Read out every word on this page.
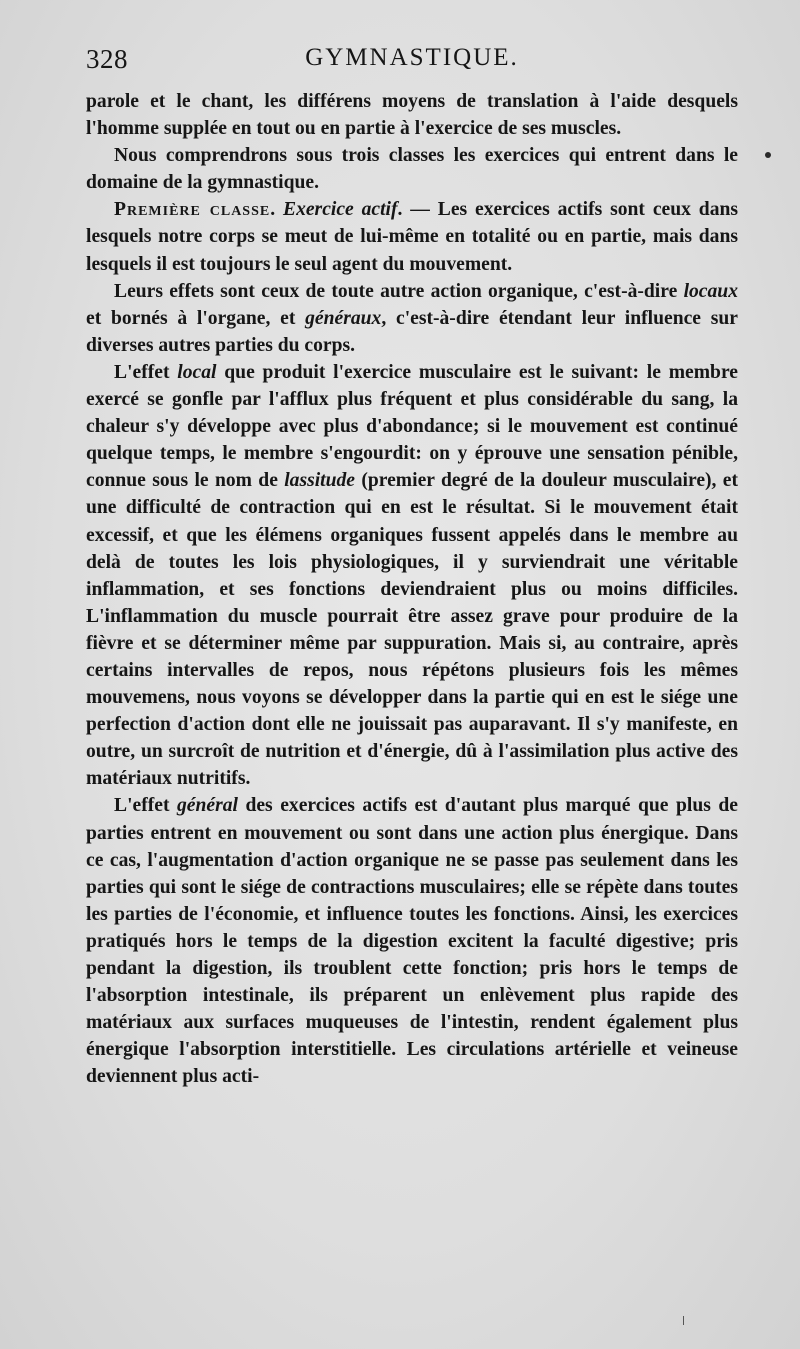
328	GYMNASTIQUE.

parole et le chant, les différens moyens de translation à l'aide desquels l'homme supplée en tout ou en partie à l'exercice de ses muscles.

Nous comprendrons sous trois classes les exercices qui entrent dans le domaine de la gymnastique.

Première classe. Exercice actif. — Les exercices actifs sont ceux dans lesquels notre corps se meut de lui-même en totalité ou en partie, mais dans lesquels il est toujours le seul agent du mouvement.

Leurs effets sont ceux de toute autre action organique, c'est-à-dire locaux et bornés à l'organe, et généraux, c'est-à-dire étendant leur influence sur diverses autres parties du corps.

L'effet local que produit l'exercice musculaire est le suivant: le membre exercé se gonfle par l'afflux plus fréquent et plus considérable du sang, la chaleur s'y développe avec plus d'abondance; si le mouvement est continué quelque temps, le membre s'engourdit: on y éprouve une sensation pénible, connue sous le nom de lassitude (premier degré de la douleur musculaire), et une difficulté de contraction qui en est le résultat. Si le mouvement était excessif, et que les élémens organiques fussent appelés dans le membre au delà de toutes les lois physiologiques, il y surviendrait une véritable inflammation, et ses fonctions deviendraient plus ou moins difficiles. L'inflammation du muscle pourrait être assez grave pour produire de la fièvre et se déterminer même par suppuration. Mais si, au contraire, après certains intervalles de repos, nous répétons plusieurs fois les mêmes mouvemens, nous voyons se développer dans la partie qui en est le siége une perfection d'action dont elle ne jouissait pas auparavant. Il s'y manifeste, en outre, un surcroît de nutrition et d'énergie, dû à l'assimilation plus active des matériaux nutritifs.

L'effet général des exercices actifs est d'autant plus marqué que plus de parties entrent en mouvement ou sont dans une action plus énergique. Dans ce cas, l'augmentation d'action organique ne se passe pas seulement dans les parties qui sont le siége de contractions musculaires; elle se répète dans toutes les parties de l'économie, et influence toutes les fonctions. Ainsi, les exercices pratiqués hors le temps de la digestion excitent la faculté digestive; pris pendant la digestion, ils troublent cette fonction; pris hors le temps de l'absorption intestinale, ils préparent un enlèvement plus rapide des matériaux aux surfaces muqueuses de l'intestin, rendent également plus énergique l'absorption interstitielle. Les circulations artérielle et veineuse deviennent plus acti-
